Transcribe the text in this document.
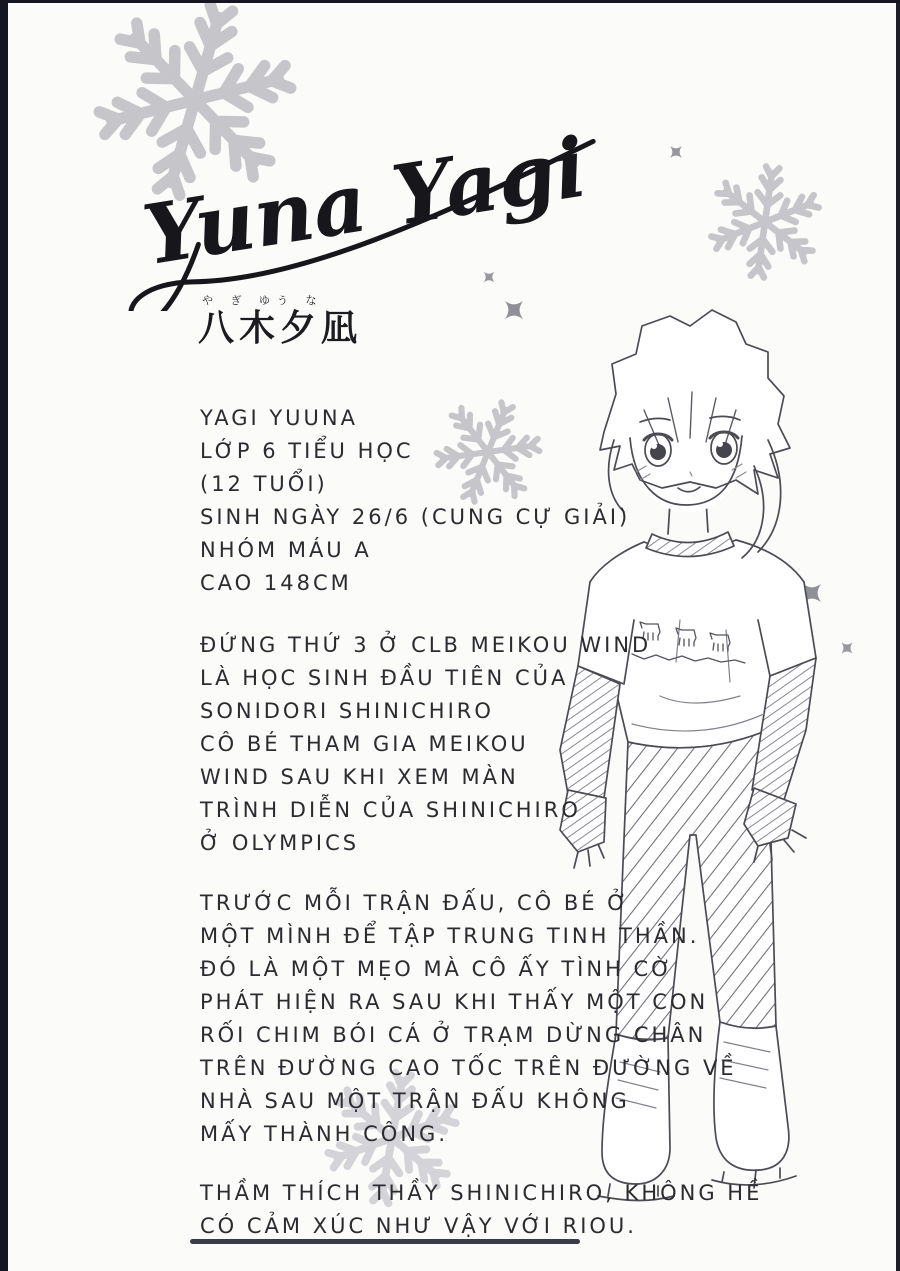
Yuna Yagi
や ぎ ゆう な
八木夕凪
YAGI YUUNA
LỚP 6 TIỂU HỌC
(12 TUỔI)
SINH NGÀY 26/6 (CUNG CỰ GIẢI)
NHÓM MÁU A
CAO 148CM
ĐỨNG THỨ 3 Ở CLB MEIKOU WIND
LÀ HỌC SINH ĐẦU TIÊN CỦA
SONIDORI SHINICHIRO
CÔ BÉ THAM GIA MEIKOU
WIND SAU KHI XEM MÀN
TRÌNH DIỄN CỦA SHINICHIRO
Ở OLYMPICS
TRƯỚC MỖI TRẬN ĐẤU, CÔ BÉ Ở
MỘT MÌNH ĐỂ TẬP TRUNG TINH THẦN.
ĐÓ LÀ MỘT MẸO MÀ CÔ ẤY TÌNH CỜ
PHÁT HIỆN RA SAU KHI THẤY MỘT CON
RỐI CHIM BÓI CÁ Ở TRẠM DỪNG CHÂN
TRÊN ĐƯỜNG CAO TỐC TRÊN ĐƯỜNG VỀ
NHÀ SAU MỘT TRẬN ĐẤU KHÔNG
MẤY THÀNH CÔNG.
THẦM THÍCH THẦY SHINICHIRO, KHÔNG HỀ
CÓ CẢM XÚC NHƯ VẬY VỚI RIOU.
